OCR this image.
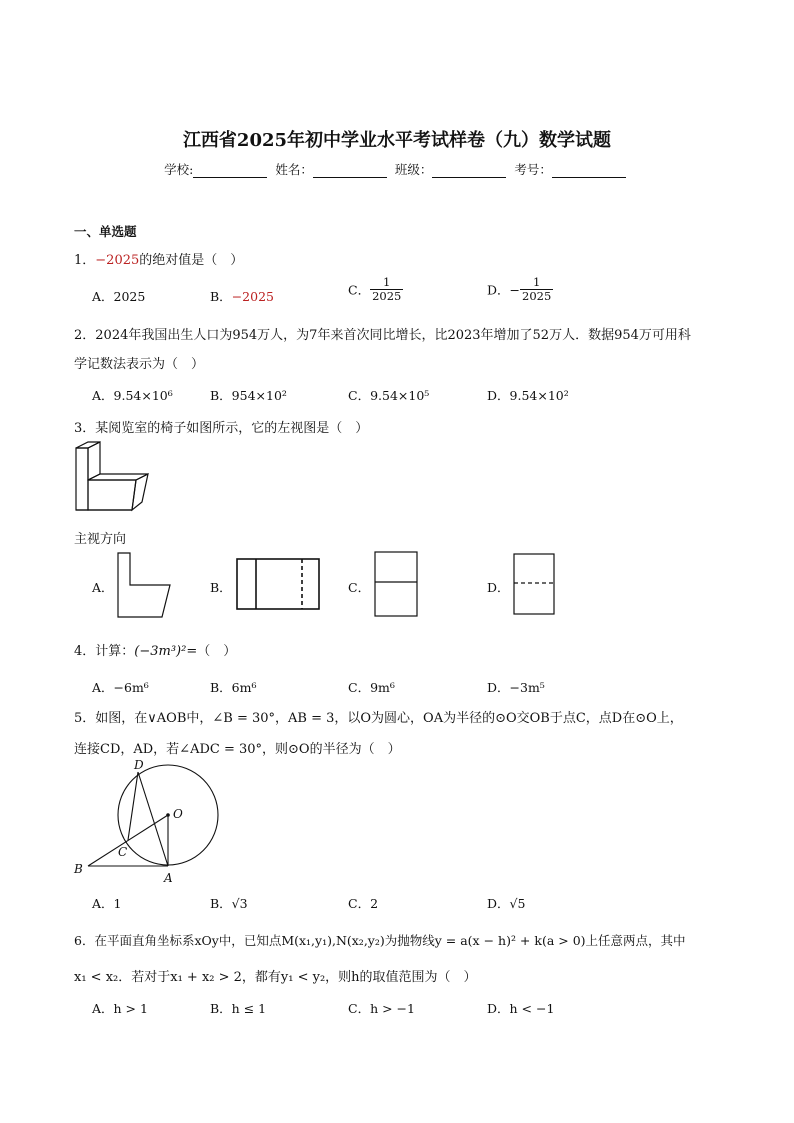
江西省2025年初中学业水平考试样卷（九）数学试题
学校:	姓名：	班级：	考号：
一、单选题
1．−2025的绝对值是（　）
A．2025	B．−2025	C． $\frac{1}{2025}$	D．− $\frac{1}{2025}$
2．2024年我国出生人口为954万人，为7年来首次同比增长，比2023年增加了52万人．数据954万可用科
学记数法表示为（　）
A．9.54×10⁶	B．954×10²	C．9.54×10⁵	D．9.54×10²
3．某阅览室的椅子如图所示，它的左视图是（　）
主视方向
A．	B．	C．	D．
4．计算：(−3m³)²=（　）
A．−6m⁶	B．6m⁶	C．9m⁶	D．−3m⁵
5．如图，在∨AOB中，∠B = 30°，AB = 3，以O为圆心，OA为半径的⊙O交OB于点C，点D在⊙O上，
连接CD，AD，若∠ADC = 30°，则⊙O的半径为（　）
D
O
C
B
A
A．1	B．√3	C．2	D．√5
6．在平面直角坐标系xOy中，已知点M(x₁,y₁),N(x₂,y₂)为抛物线y = a(x − h)² + k(a > 0)上任意两点，其中
x₁ < x₂．若对于x₁ + x₂ > 2，都有y₁ < y₂，则h的取值范围为（　）
A．h > 1	B．h ≤ 1	C．h > −1	D．h < −1
